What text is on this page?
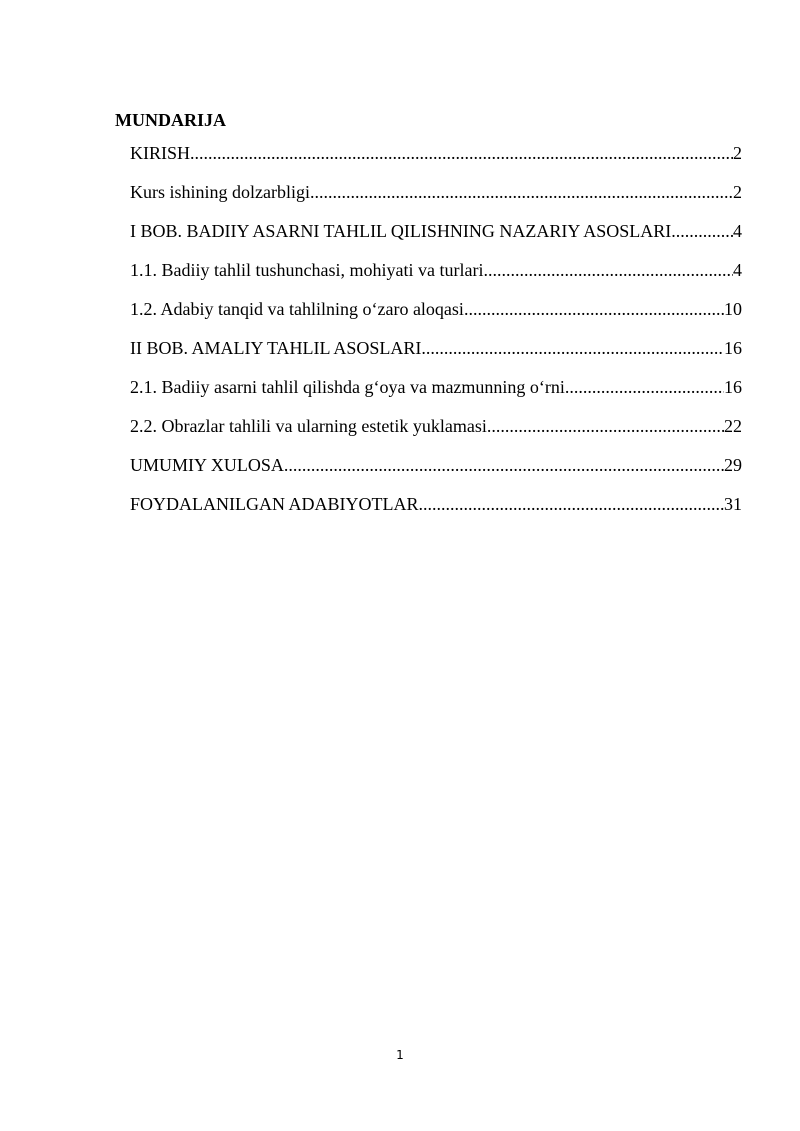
MUNDARIJA
KIRISH .....	2
Kurs ishining dolzarbligi .....	2
I BOB. BADIIY ASARNI TAHLIL QILISHNING NAZARIY ASOSLARI .....	4
1.1. Badiiy tahlil tushunchasi, mohiyati va turlari .....	4
1.2. Adabiy tanqid va tahlilning o‘zaro aloqasi .....	10
II BOB. AMALIY TAHLIL ASOSLARI .....	16
2.1. Badiiy asarni tahlil qilishda g‘oya va mazmunning o‘rni .....	16
2.2. Obrazlar tahlili va ularning estetik yuklamasi .....	22
UMUMIY XULOSA .....	29
FOYDALANILGAN ADABIYOTLAR .....	31
1
